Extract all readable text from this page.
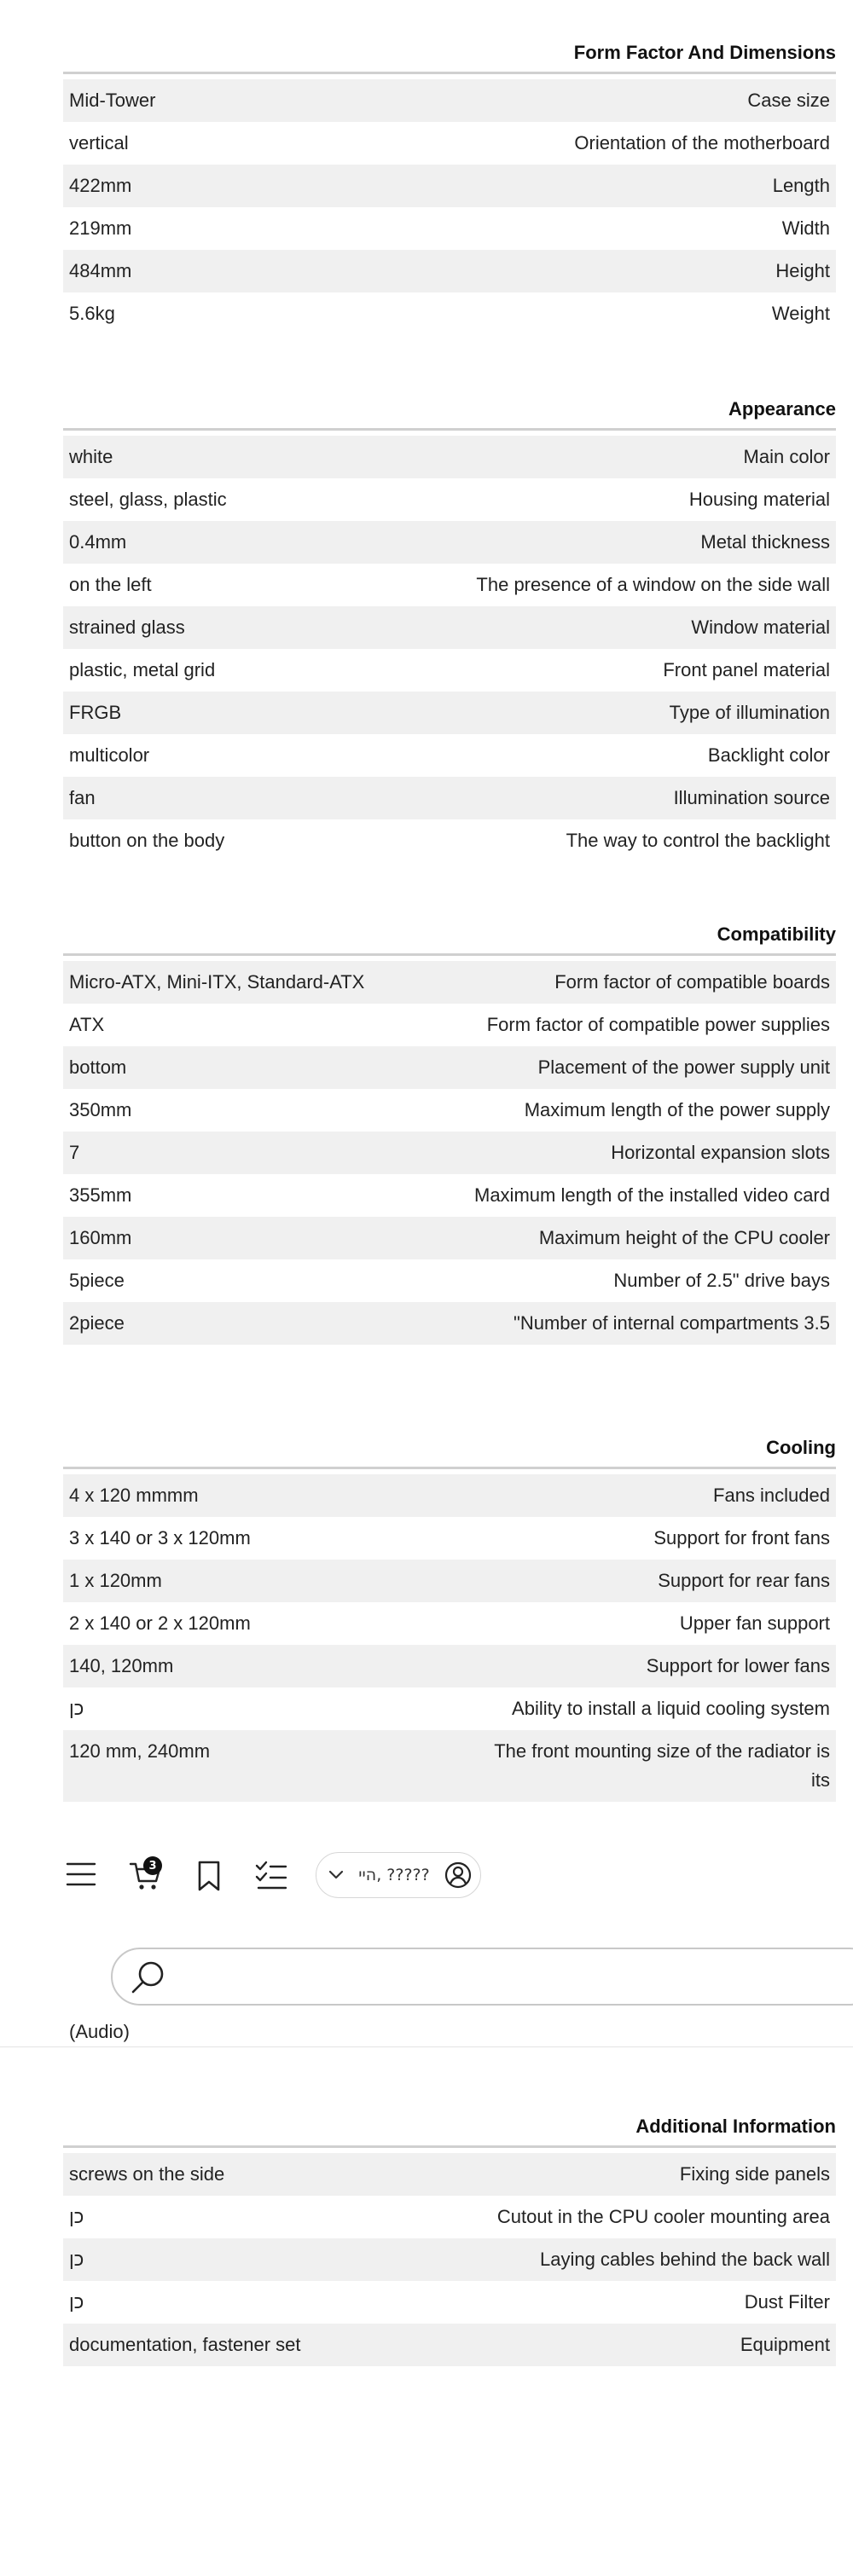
Form Factor And Dimensions
Mid-Tower	Case size
vertical	Orientation of the motherboard
422mm	Length
219mm	Width
484mm	Height
5.6kg	Weight
Appearance
white	Main color
steel, glass, plastic	Housing material
0.4mm	Metal thickness
on the left	The presence of a window on the side wall
strained glass	Window material
plastic, metal grid	Front panel material
FRGB	Type of illumination
multicolor	Backlight color
fan	Illumination source
button on the body	The way to control the backlight
Compatibility
Micro-ATX, Mini-ITX, Standard-ATX	Form factor of compatible boards
ATX	Form factor of compatible power supplies
bottom	Placement of the power supply unit
350mm	Maximum length of the power supply
7	Horizontal expansion slots
355mm	Maximum length of the installed video card
160mm	Maximum height of the CPU cooler
5piece	Number of 2.5" drive bays
2piece	"Number of internal compartments 3.5
Cooling
4 x 120 mmmm	Fans included
3 x 140 or 3 x 120mm	Support for front fans
1 x 120mm	Support for rear fans
2 x 140 or 2 x 120mm	Upper fan support
140, 120mm	Support for lower fans
כן	Ability to install a liquid cooling system
120 mm, 240mm	The front mounting size of the radiator is its
3	היי, ?????
(Audio)
Additional Information
screws on the side	Fixing side panels
כן	Cutout in the CPU cooler mounting area
כן	Laying cables behind the back wall
כן	Dust Filter
documentation, fastener set	Equipment
